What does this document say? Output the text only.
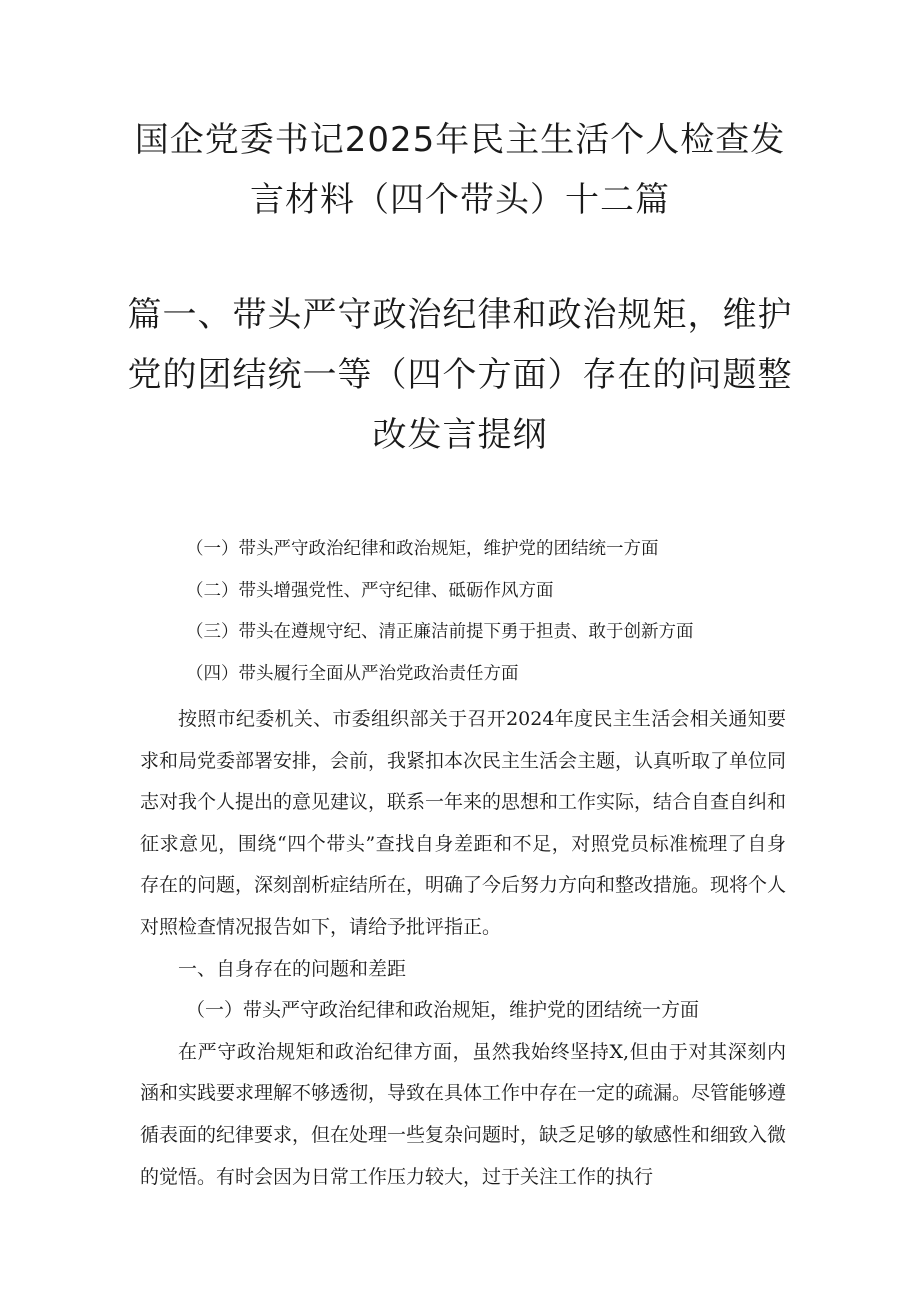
国企党委书记2025年民主生活个人检查发言材料（四个带头）十二篇
篇一、带头严守政治纪律和政治规矩，维护党的团结统一等（四个方面）存在的问题整改发言提纲
（一）带头严守政治纪律和政治规矩，维护党的团结统一方面
（二）带头增强党性、严守纪律、砥砺作风方面
（三）带头在遵规守纪、清正廉洁前提下勇于担责、敢于创新方面
（四）带头履行全面从严治党政治责任方面

按照市纪委机关、市委组织部关于召开2024年度民主生活会相关通知要求和局党委部署安排，会前，我紧扣本次民主生活会主题，认真听取了单位同志对我个人提出的意见建议，联系一年来的思想和工作实际，结合自查自纠和征求意见，围绕“四个带头”查找自身差距和不足，对照党员标准梳理了自身存在的问题，深刻剖析症结所在，明确了今后努力方向和整改措施。现将个人对照检查情况报告如下，请给予批评指正。

一、自身存在的问题和差距

（一）带头严守政治纪律和政治规矩，维护党的团结统一方面

在严守政治规矩和政治纪律方面，虽然我始终坚持X,但由于对其深刻内涵和实践要求理解不够透彻，导致在具体工作中存在一定的疏漏。尽管能够遵循表面的纪律要求，但在处理一些复杂问题时，缺乏足够的敏感性和细致入微的觉悟。有时会因为日常工作压力较大，过于关注工作的执行
